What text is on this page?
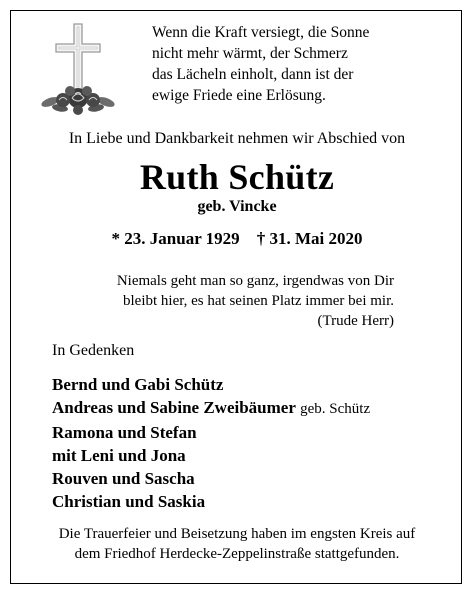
Wenn die Kraft versiegt, die Sonne
nicht mehr wärmt, der Schmerz
das Lächeln einholt, dann ist der
ewige Friede eine Erlösung.
In Liebe und Dankbarkeit nehmen wir Abschied von
Ruth Schütz
geb. Vincke
* 23. Januar 1929 † 31. Mai 2020
Niemals geht man so ganz, irgendwas von Dir
bleibt hier, es hat seinen Platz immer bei mir.
(Trude Herr)
In Gedenken
Bernd und Gabi Schütz
Andreas und Sabine Zweibäumer geb. Schütz
Ramona und Stefan
mit Leni und Jona
Rouven und Sascha
Christian und Saskia
Die Trauerfeier und Beisetzung haben im engsten Kreis auf
dem Friedhof Herdecke-Zeppelinstraße stattgefunden.
